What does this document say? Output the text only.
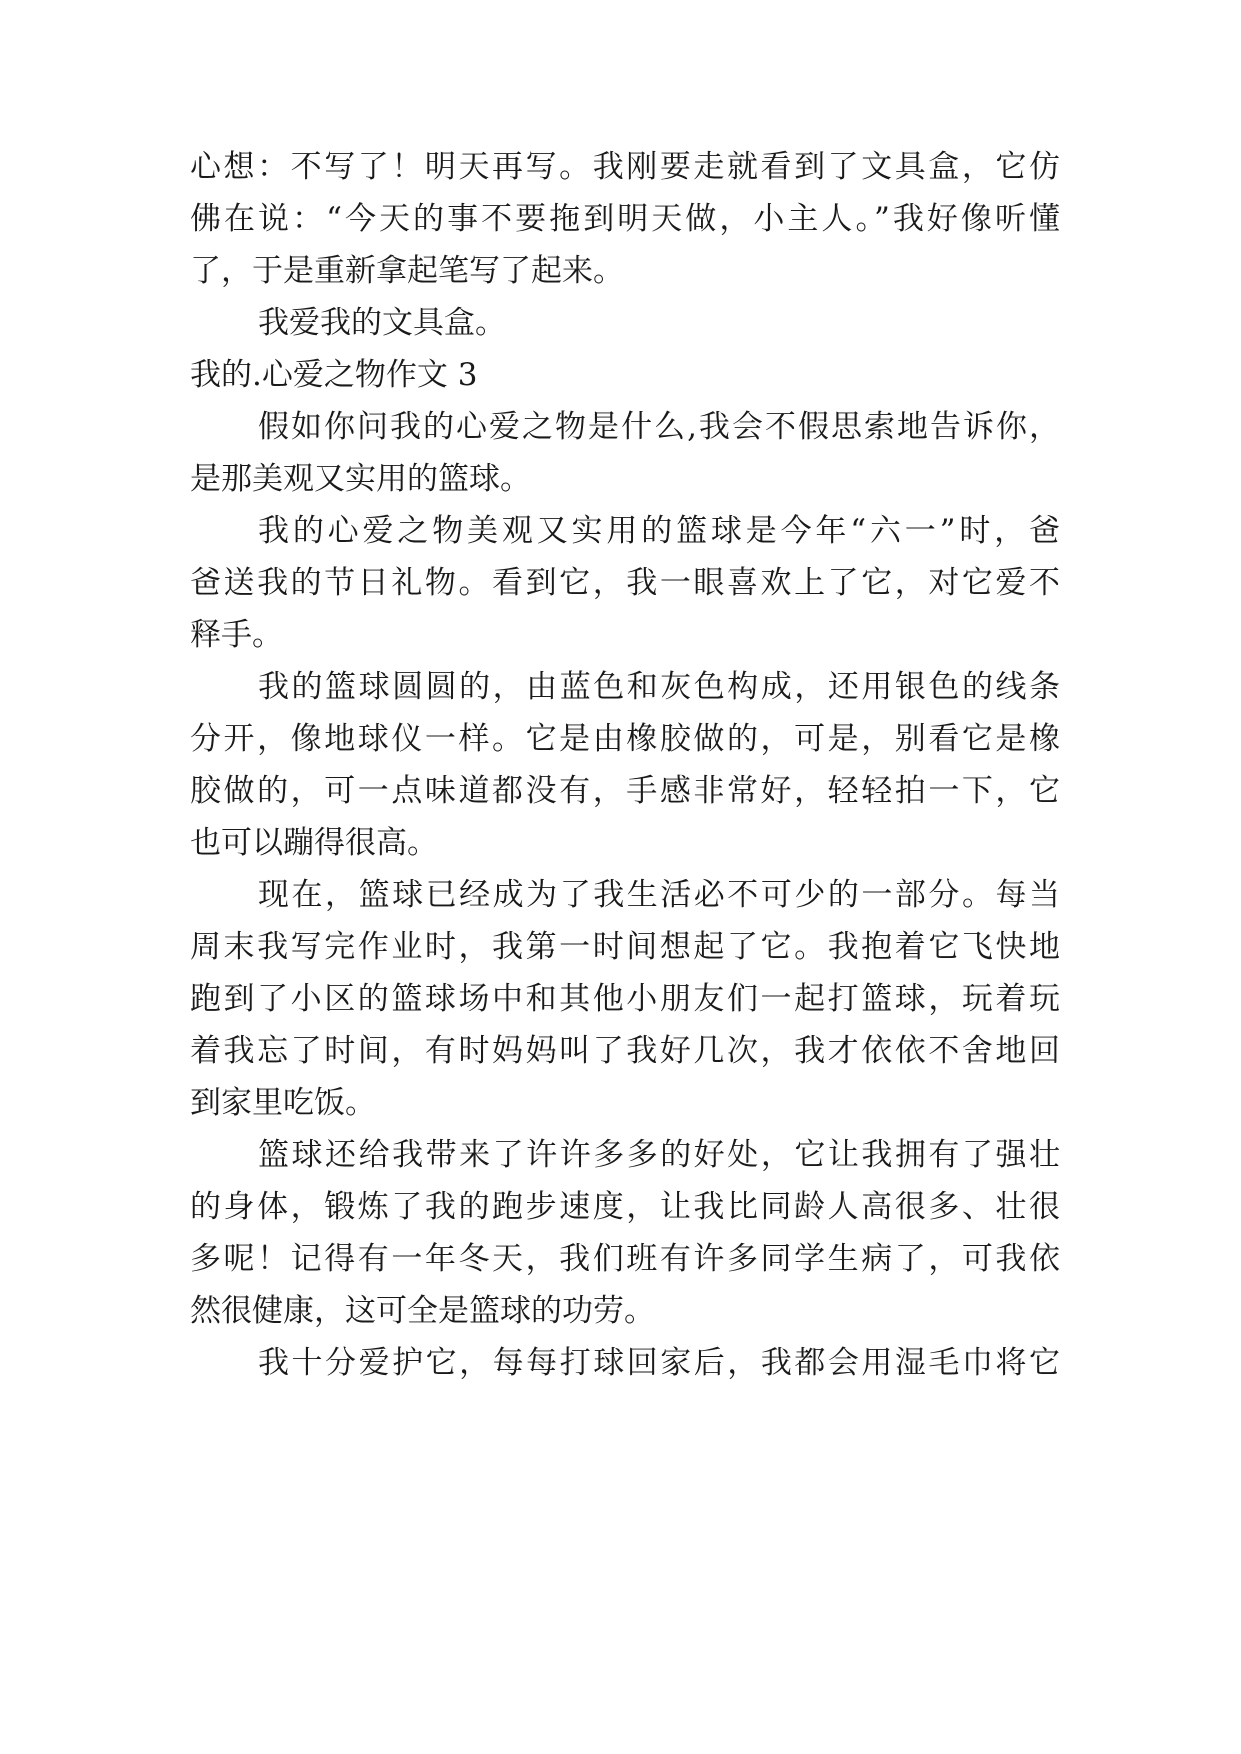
心想：不写了！明天再写。我刚要走就看到了文具盒，它仿
佛在说：“今天的事不要拖到明天做，小主人。”我好像听懂
了，于是重新拿起笔写了起来。
我爱我的文具盒。
我的.心爱之物作文 3
假如你问我的心爱之物是什么,我会不假思索地告诉你，
是那美观又实用的篮球。
我的心爱之物美观又实用的篮球是今年“六一”时，爸
爸送我的节日礼物。看到它，我一眼喜欢上了它，对它爱不
释手。
我的篮球圆圆的，由蓝色和灰色构成，还用银色的线条
分开，像地球仪一样。它是由橡胶做的，可是，别看它是橡
胶做的，可一点味道都没有，手感非常好，轻轻拍一下，它
也可以蹦得很高。
现在，篮球已经成为了我生活必不可少的一部分。每当
周末我写完作业时，我第一时间想起了它。我抱着它飞快地
跑到了小区的篮球场中和其他小朋友们一起打篮球，玩着玩
着我忘了时间，有时妈妈叫了我好几次，我才依依不舍地回
到家里吃饭。
篮球还给我带来了许许多多的好处，它让我拥有了强壮
的身体，锻炼了我的跑步速度，让我比同龄人高很多、壮很
多呢！记得有一年冬天，我们班有许多同学生病了，可我依
然很健康，这可全是篮球的功劳。
我十分爱护它，每每打球回家后，我都会用湿毛巾将它
